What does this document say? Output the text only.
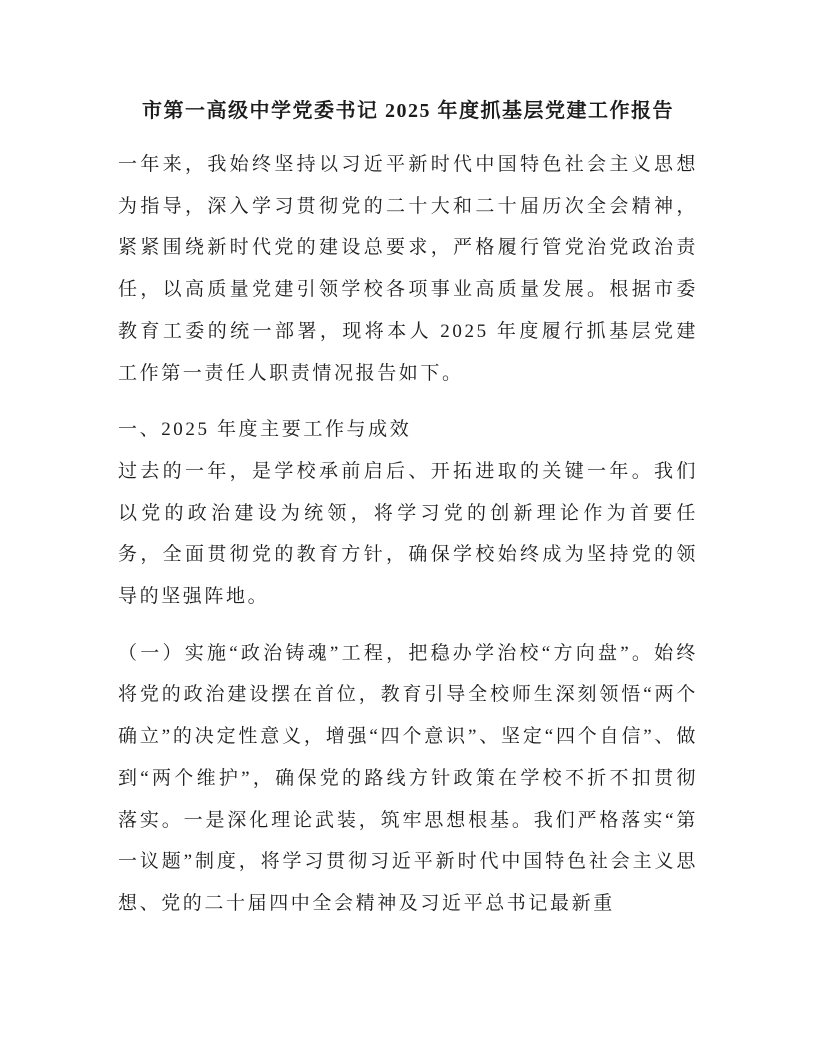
市第一高级中学党委书记 2025 年度抓基层党建工作报告

一年来，我始终坚持以习近平新时代中国特色社会主义思想为指导，深入学习贯彻党的二十大和二十届历次全会精神，紧紧围绕新时代党的建设总要求，严格履行管党治党政治责任，以高质量党建引领学校各项事业高质量发展。根据市委教育工委的统一部署，现将本人 2025 年度履行抓基层党建工作第一责任人职责情况报告如下。

一、2025 年度主要工作与成效

过去的一年，是学校承前启后、开拓进取的关键一年。我们以党的政治建设为统领，将学习党的创新理论作为首要任务，全面贯彻党的教育方针，确保学校始终成为坚持党的领导的坚强阵地。

（一）实施“政治铸魂”工程，把稳办学治校“方向盘”。始终将党的政治建设摆在首位，教育引导全校师生深刻领悟“两个确立”的决定性意义，增强“四个意识”、坚定“四个自信”、做到“两个维护”，确保党的路线方针政策在学校不折不扣贯彻落实。一是深化理论武装，筑牢思想根基。我们严格落实“第一议题”制度，将学习贯彻习近平新时代中国特色社会主义思想、党的二十届四中全会精神及习近平总书记最新重
